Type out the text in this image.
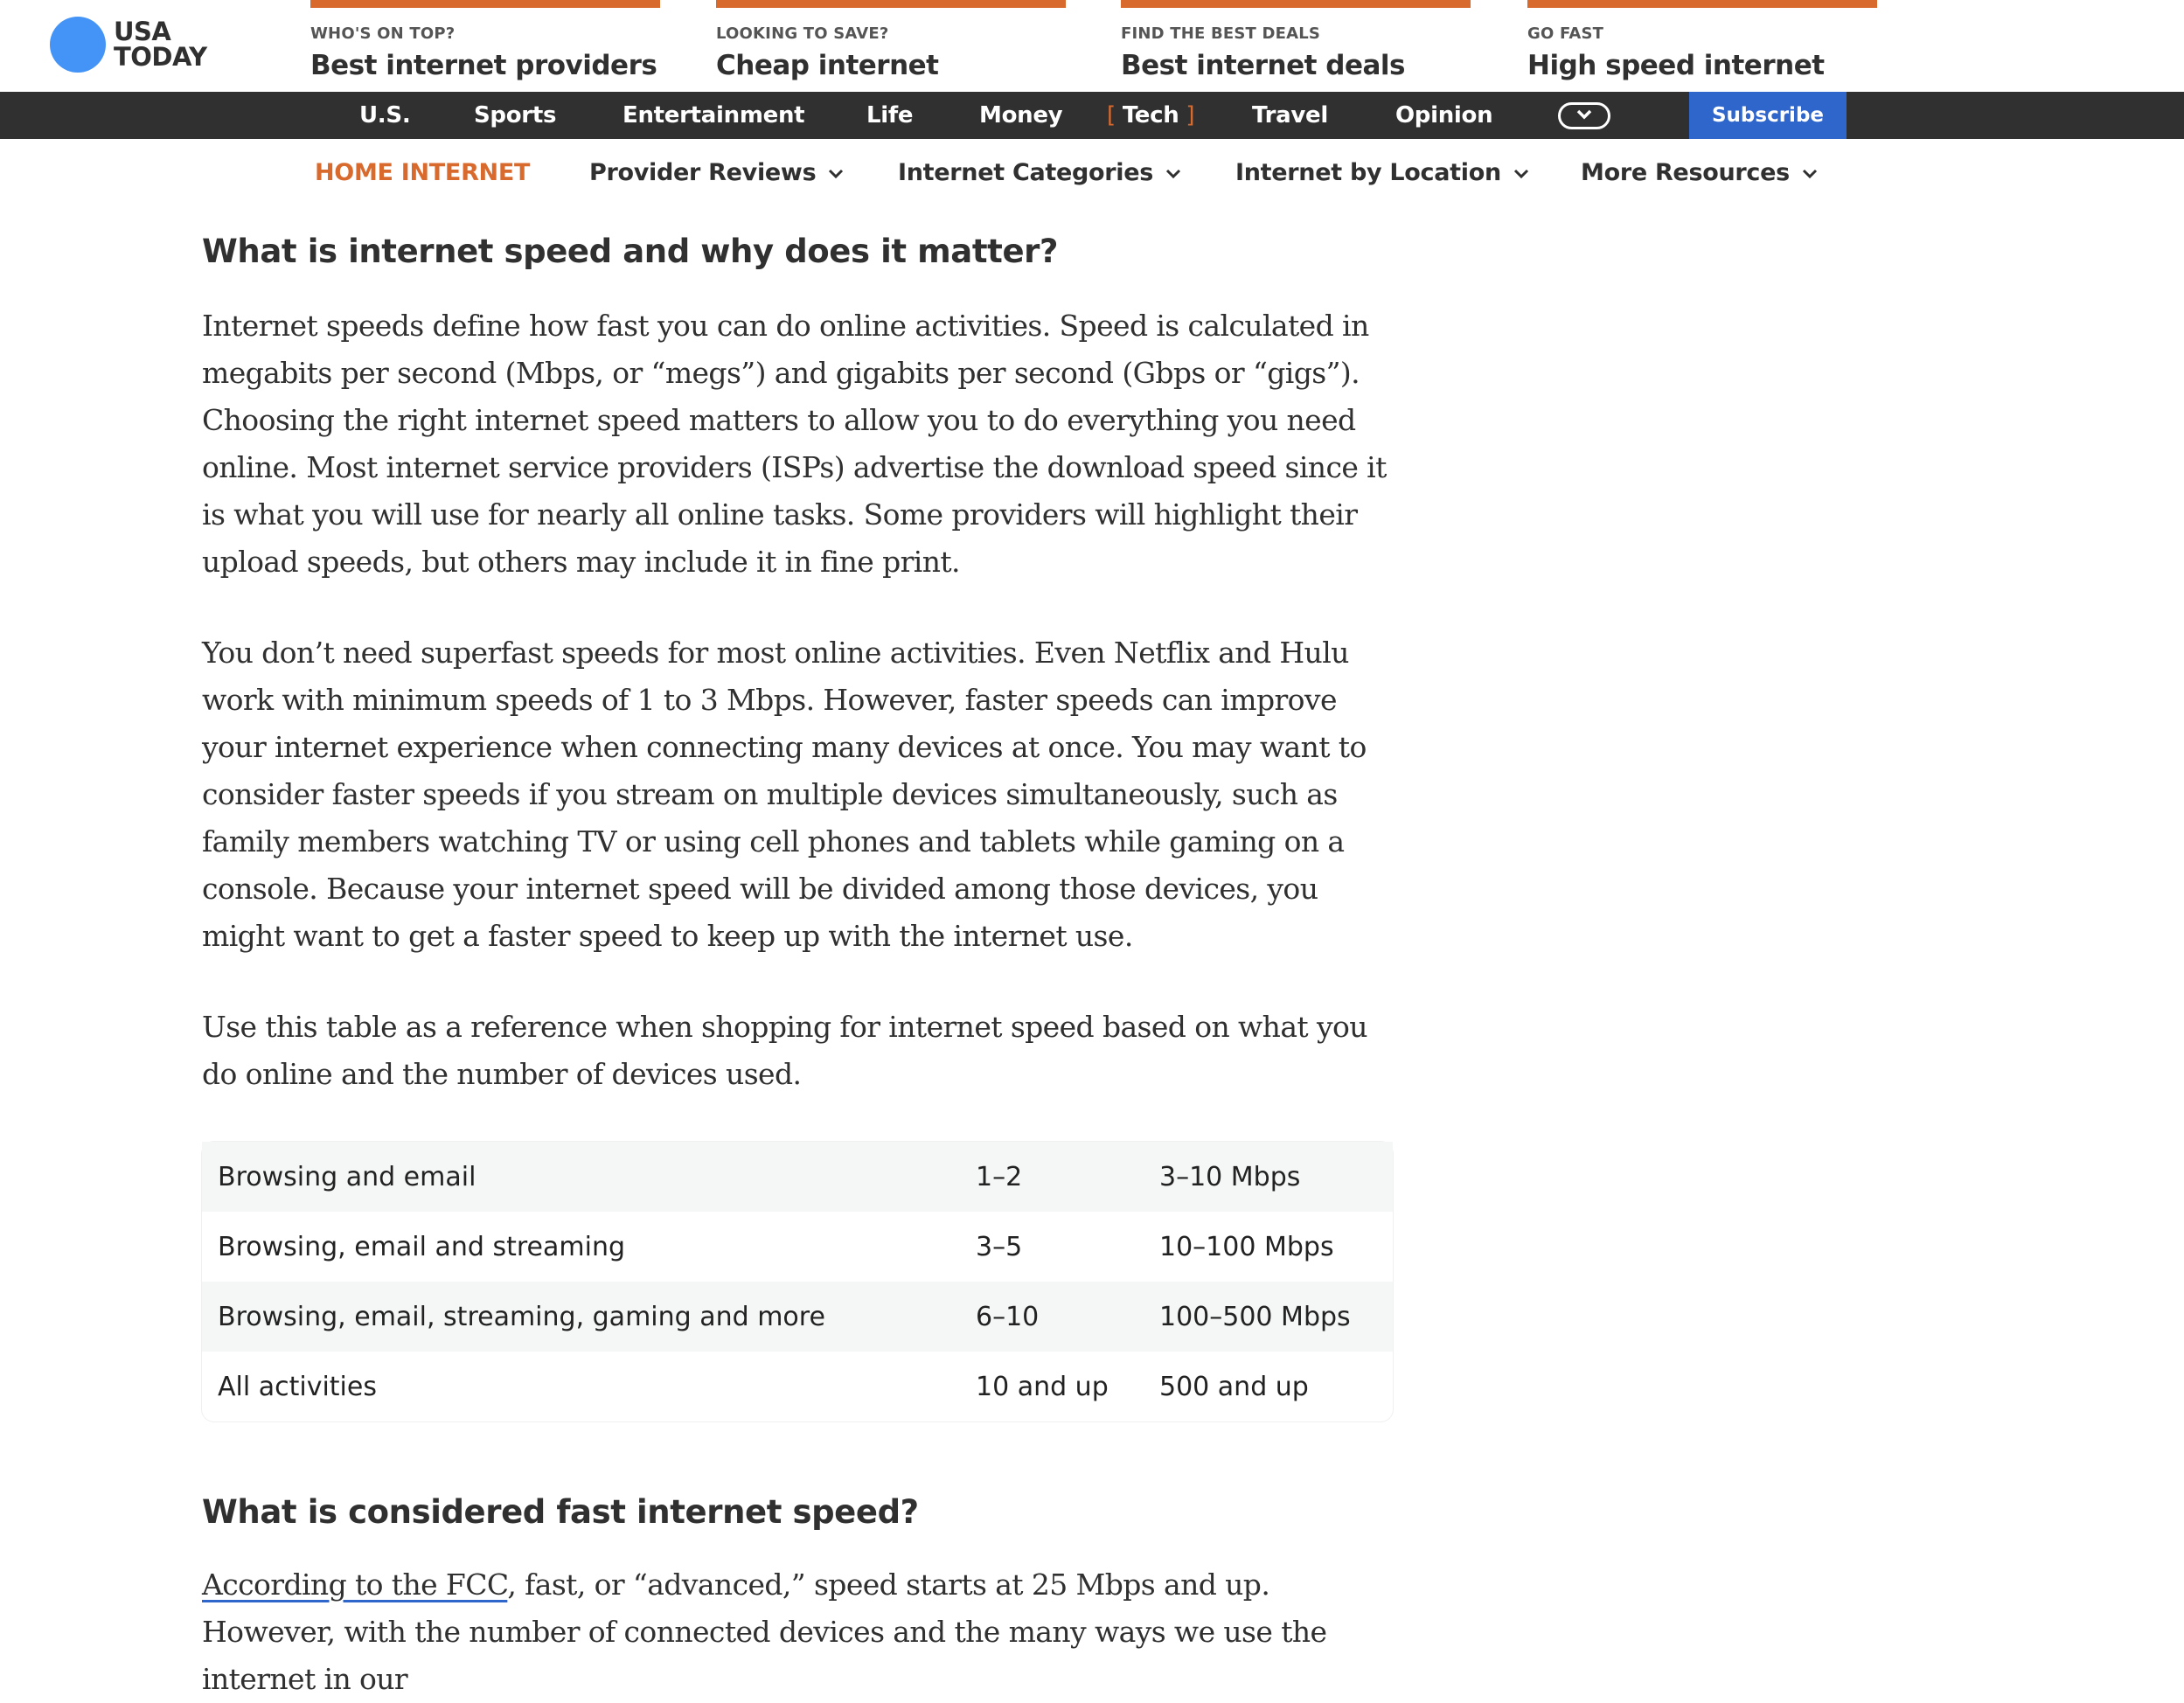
USA
TODAY
WHO'S ON TOP?
Best internet providers
LOOKING TO SAVE?
Cheap internet
FIND THE BEST DEALS
Best internet deals
GO FAST
High speed internet
U.S.	Sports	Entertainment	Life	Money [ Tech ]	Travel	Opinion	Subscribe
HOME INTERNET	Provider Reviews	Internet Categories	Internet by Location	More Resources
What is internet speed and why does it matter?

Internet speeds define how fast you can do online activities. Speed is calculated in megabits per second (Mbps, or “megs”) and gigabits per second (Gbps or “gigs”). Choosing the right internet speed matters to allow you to do everything you need online. Most internet service providers (ISPs) advertise the download speed since it is what you will use for nearly all online tasks. Some providers will highlight their upload speeds, but others may include it in fine print.

You don’t need superfast speeds for most online activities. Even Netflix and Hulu work with minimum speeds of 1 to 3 Mbps. However, faster speeds can improve your internet experience when connecting many devices at once. You may want to consider faster speeds if you stream on multiple devices simultaneously, such as family members watching TV or using cell phones and tablets while gaming on a console. Because your internet speed will be divided among those devices, you might want to get a faster speed to keep up with the internet use.

Use this table as a reference when shopping for internet speed based on what you do online and the number of devices used.

Browsing and email	1–2	3–10 Mbps
Browsing, email and streaming	3–5	10–100 Mbps
Browsing, email, streaming, gaming and more	6–10	100–500 Mbps
All activities	10 and up	500 and up
What is considered fast internet speed?

According to the FCC, fast, or “advanced,” speed starts at 25 Mbps and up. However, with the number of connected devices and the many ways we use the internet in our
